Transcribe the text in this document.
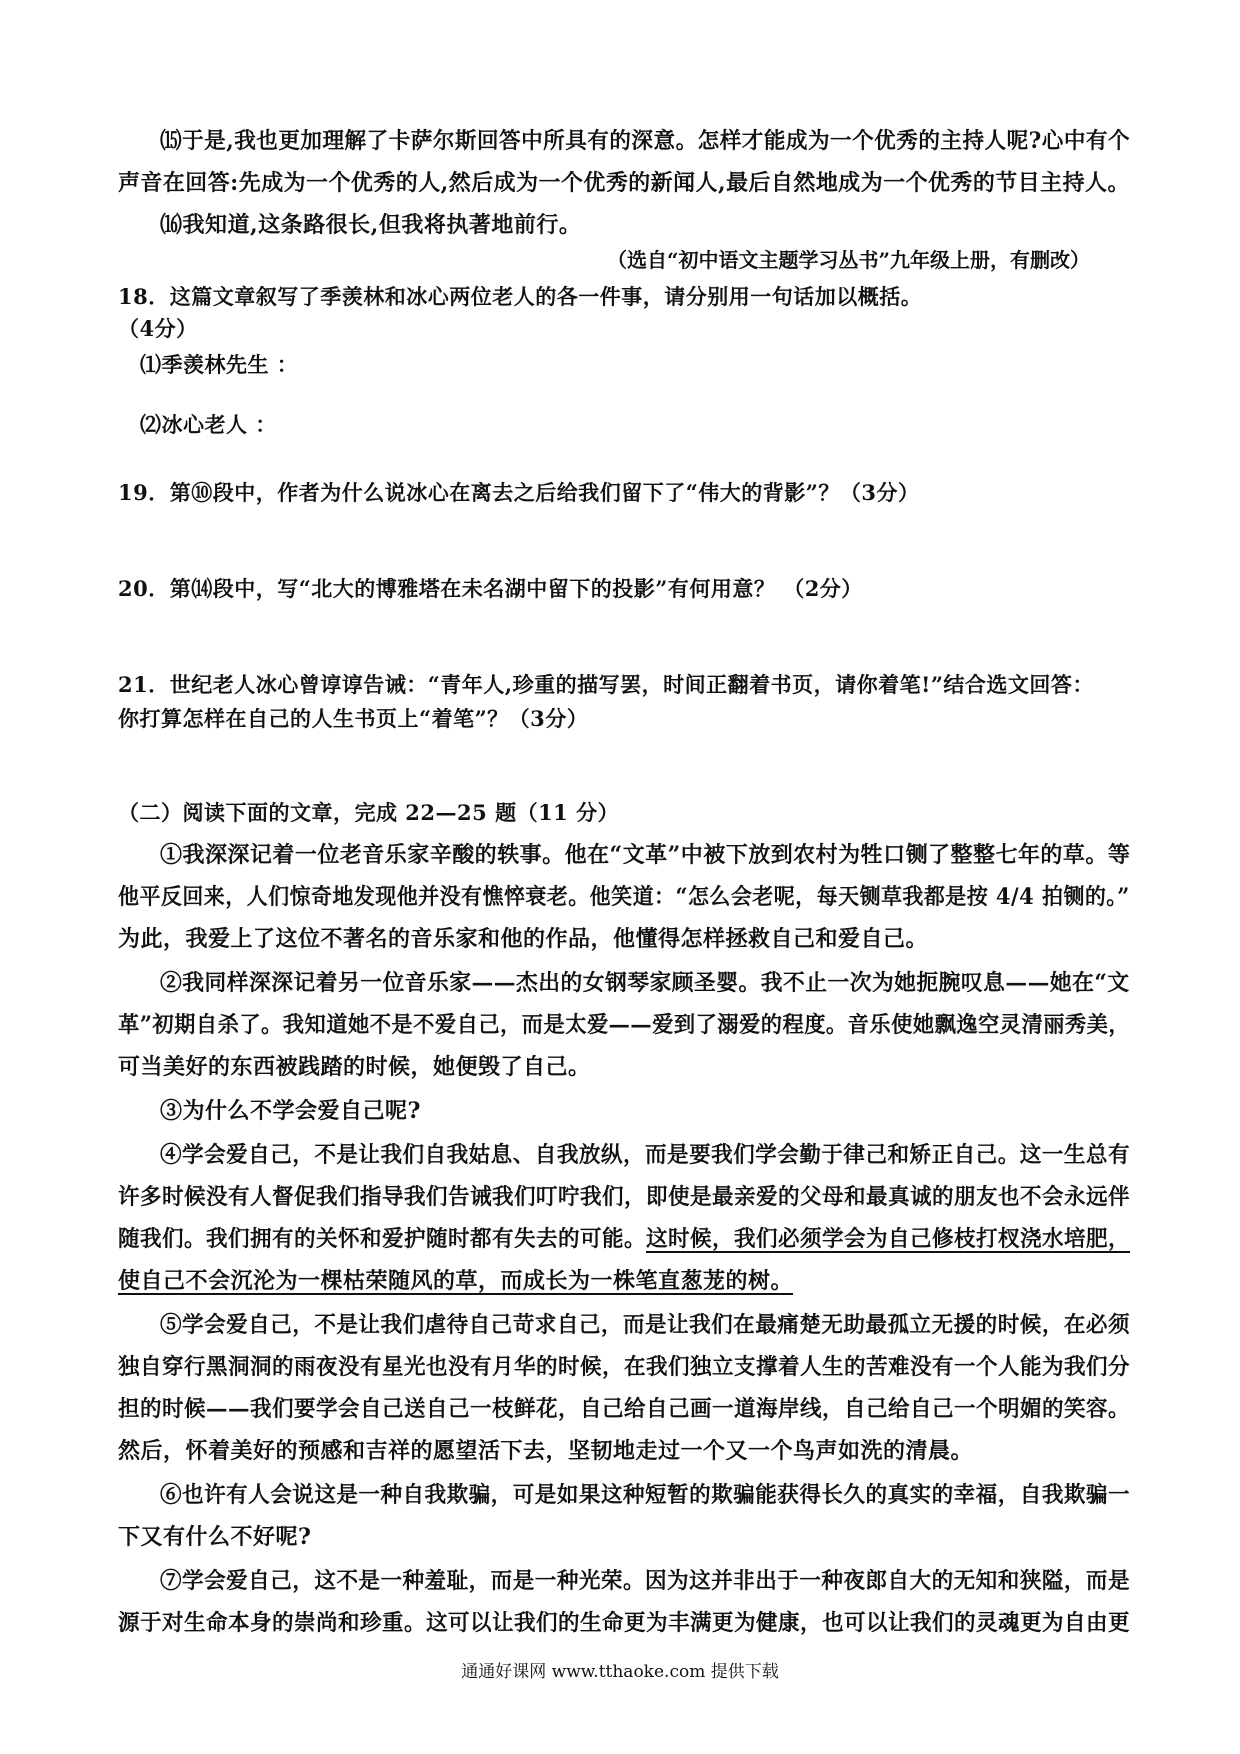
⒂于是,我也更加理解了卡萨尔斯回答中所具有的深意。怎样才能成为一个优秀的主持人呢?心中有个
声音在回答:先成为一个优秀的人,然后成为一个优秀的新闻人,最后自然地成为一个优秀的节目主持人。
⒃我知道,这条路很长,但我将执著地前行。
（选自“初中语文主题学习丛书”九年级上册，有删改）
18．这篇文章叙写了季羡林和冰心两位老人的各一件事，请分别用一句话加以概括。
（4分）
⑴季羡林先生 ：
⑵冰心老人 ：
19．第⑩段中，作者为什么说冰心在离去之后给我们留下了“伟大的背影”？（3分）
20．第⒁段中，写“北大的博雅塔在未名湖中留下的投影”有何用意？ （2分）
21．世纪老人冰心曾谆谆告诫：“青年人,珍重的描写罢，时间正翻着书页，请你着笔!”结合选文回答：
你打算怎样在自己的人生书页上“着笔”？（3分）
（二）阅读下面的文章，完成 22—25 题（11 分）
①我深深记着一位老音乐家辛酸的轶事。他在“文革”中被下放到农村为牲口铡了整整七年的草。等
他平反回来，人们惊奇地发现他并没有憔悴衰老。他笑道：“怎么会老呢，每天铡草我都是按 4/4 拍铡的。”
为此，我爱上了这位不著名的音乐家和他的作品，他懂得怎样拯救自己和爱自己。
②我同样深深记着另一位音乐家——杰出的女钢琴家顾圣婴。我不止一次为她扼腕叹息——她在“文
革”初期自杀了。我知道她不是不爱自己，而是太爱——爱到了溺爱的程度。音乐使她飘逸空灵清丽秀美，
可当美好的东西被践踏的时候，她便毁了自己。
③为什么不学会爱自己呢?
④学会爱自己，不是让我们自我姑息、自我放纵，而是要我们学会勤于律己和矫正自己。这一生总有
许多时候没有人督促我们指导我们告诫我们叮咛我们，即使是最亲爱的父母和最真诚的朋友也不会永远伴
随我们。我们拥有的关怀和爱护随时都有失去的可能。这时候，我们必须学会为自己修枝打杈浇水培肥，
使自己不会沉沦为一棵枯荣随风的草，而成长为一株笔直葱茏的树。
⑤学会爱自己，不是让我们虐待自己苛求自己，而是让我们在最痛楚无助最孤立无援的时候，在必须
独自穿行黑洞洞的雨夜没有星光也没有月华的时候，在我们独立支撑着人生的苦难没有一个人能为我们分
担的时候——我们要学会自己送自己一枝鲜花，自己给自己画一道海岸线，自己给自己一个明媚的笑容。
然后，怀着美好的预感和吉祥的愿望活下去，坚韧地走过一个又一个鸟声如洗的清晨。
⑥也许有人会说这是一种自我欺骗，可是如果这种短暂的欺骗能获得长久的真实的幸福，自我欺骗一
下又有什么不好呢?
⑦学会爱自己，这不是一种羞耻，而是一种光荣。因为这并非出于一种夜郎自大的无知和狭隘，而是
源于对生命本身的崇尚和珍重。这可以让我们的生命更为丰满更为健康，也可以让我们的灵魂更为自由更
通通好课网 www.tthaoke.com 提供下载
